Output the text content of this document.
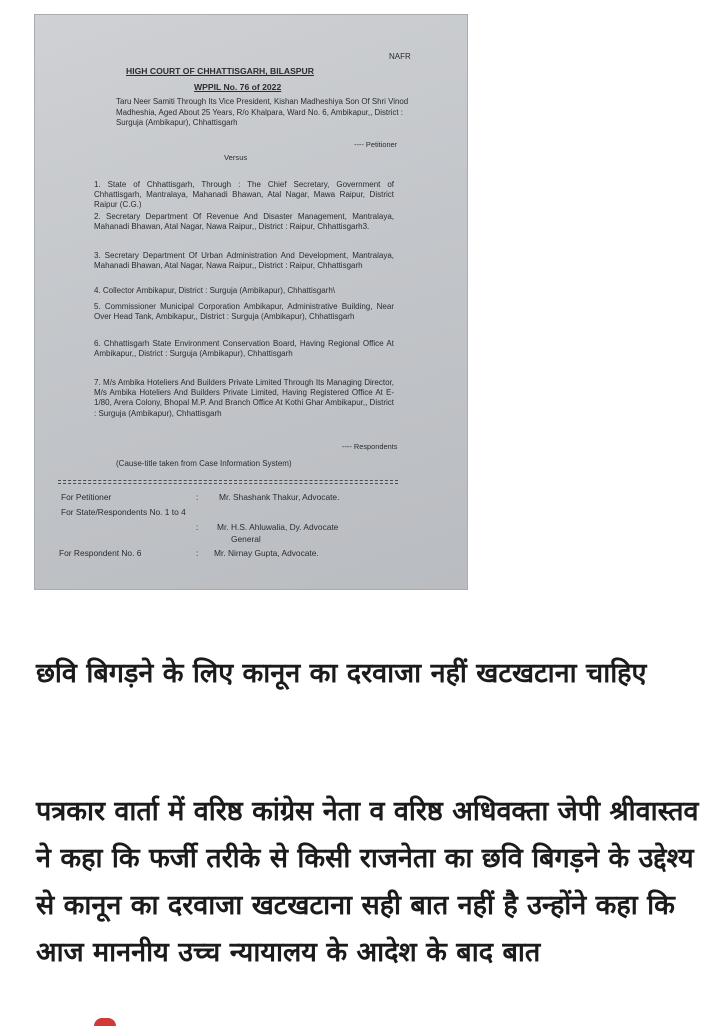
NAFR
HIGH COURT OF CHHATTISGARH, BILASPUR
WPPIL No. 76 of 2022
Taru Neer Samiti Through Its Vice President, Kishan Madheshiya Son Of Shri Vinod Madheshia, Aged About 25 Years, R/o Khalpara, Ward No. 6, Ambikapur,, District : Surguja (Ambikapur), Chhattisgarh
---- Petitioner
Versus
1. State of Chhattisgarh, Through : The Chief Secretary, Government of Chhattisgarh, Mantralaya, Mahanadi Bhawan, Atal Nagar, Mawa Raipur, District Raipur (C.G.)
2. Secretary Department Of Revenue And Disaster Management, Mantralaya, Mahanadi Bhawan, Atal Nagar, Nawa Raipur,, District : Raipur, Chhattisgarh3.
3. Secretary Department Of Urban Administration And Development, Mantralaya, Mahanadi Bhawan, Atal Nagar, Nawa Raipur,, District : Raipur, Chhattisgarh
4. Collector Ambikapur, District : Surguja (Ambikapur), Chhattisgarh\
5. Commissioner Municipal Corporation Ambikapur, Administrative Building, Near Over Head Tank, Ambikapur,, District : Surguja (Ambikapur), Chhattisgarh
6. Chhattisgarh State Environment Conservation Board, Having Regional Office At Ambikapur,, District : Surguja (Ambikapur), Chhattisgarh
7. M/s Ambika Hoteliers And Builders Private Limited Through Its Managing Director, M/s Ambika Hoteliers And Builders Private Limited, Having Registered Office At E-1/80, Arera Colony, Bhopal M.P. And Branch Office At Kothi Ghar Ambikapur,, District : Surguja (Ambikapur), Chhattisgarh
---- Respondents
(Cause-title taken from Case Information System)
For Petitioner	: Mr. Shashank Thakur, Advocate.
For State/Respondents No. 1 to 4
: Mr. H.S. Ahluwalia, Dy. Advocate
General
For Respondent No. 6	: Mr. Nirnay Gupta, Advocate.
छवि बिगड़ने के लिए कानून का दरवाजा नहीं खटखटाना चाहिए

पत्रकार वार्ता में वरिष्ठ कांग्रेस नेता व वरिष्ठ अधिवक्ता जेपी श्रीवास्तव ने कहा कि फर्जी तरीके से किसी राजनेता का छवि बिगड़ने के उद्देश्य से कानून का दरवाजा खटखटाना सही बात नहीं है उन्होंने कहा कि आज माननीय उच्च न्यायालय के आदेश के बाद बात
